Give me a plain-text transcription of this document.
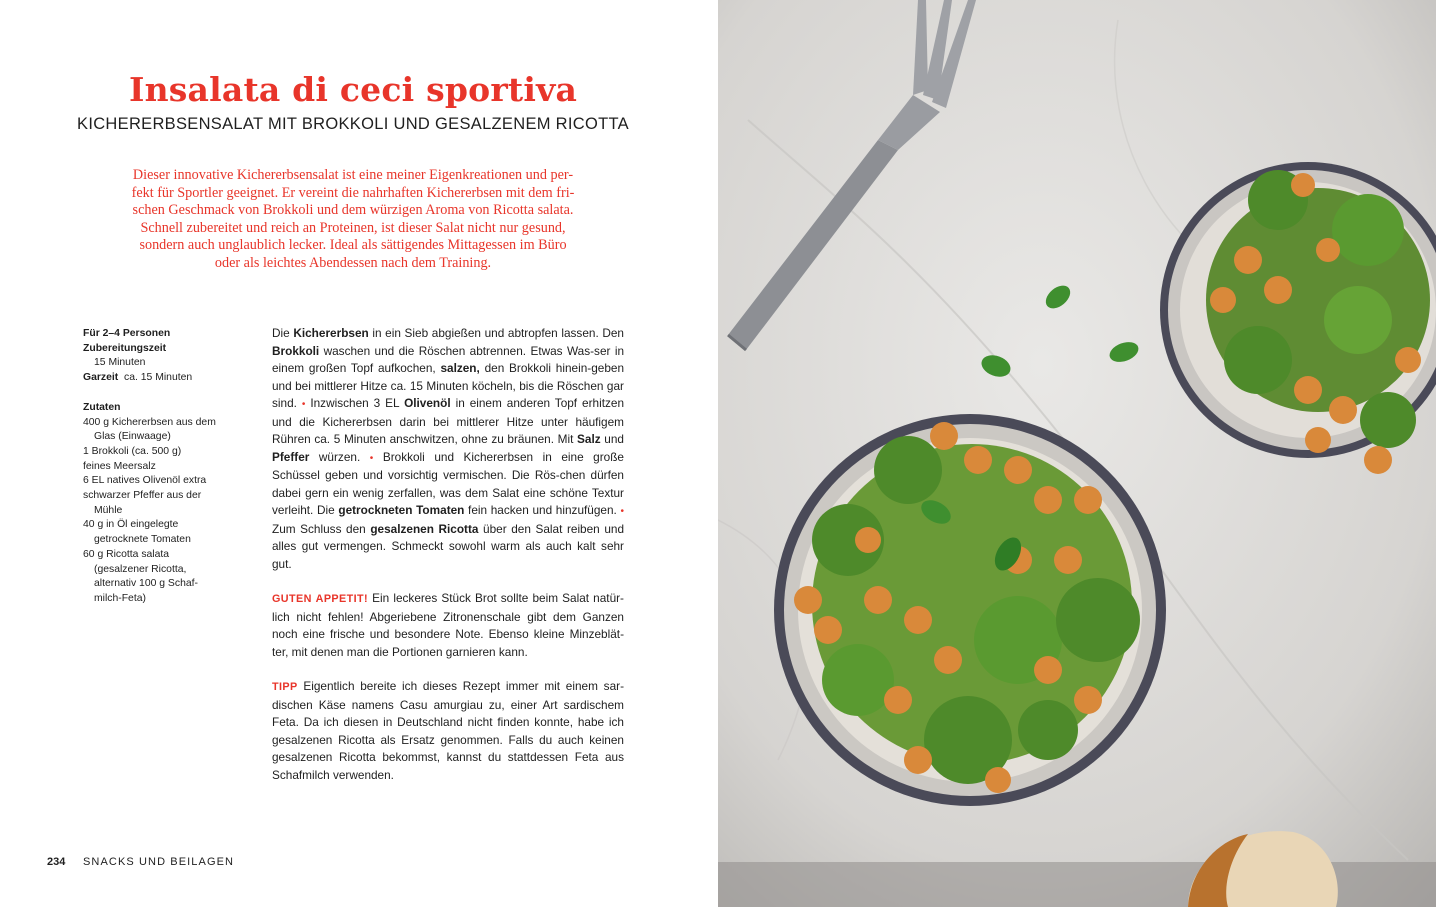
Insalata di ceci sportiva
KICHERERBSENSALAT MIT BROKKOLI UND GESALZENEM RICOTTA
Dieser innovative Kichererbsensalat ist eine meiner Eigenkreationen und per-
fekt für Sportler geeignet. Er vereint die nahrhaften Kichererbsen mit dem fri-
schen Geschmack von Brokkoli und dem würzigen Aroma von Ricotta salata.
Schnell zubereitet und reich an Proteinen, ist dieser Salat nicht nur gesund,
sondern auch unglaublich lecker. Ideal als sättigendes Mittagessen im Büro
oder als leichtes Abendessen nach dem Training.
Für 2–4 Personen
Zubereitungszeit
15 Minuten
Garzeit ca. 15 Minuten
Zutaten
400 g Kichererbsen aus dem
Glas (Einwaage)
1 Brokkoli (ca. 500 g)
feines Meersalz
6 EL natives Olivenöl extra
schwarzer Pfeffer aus der
Mühle
40 g in Öl eingelegte
getrocknete Tomaten
60 g Ricotta salata
(gesalzener Ricotta,
alternativ 100 g Schaf-
milch-Feta)

Die Kichererbsen in ein Sieb abgießen und abtropfen lassen. Den Brokkoli waschen und die Röschen abtrennen. Etwas Was-ser in einem großen Topf aufkochen, salzen, den Brokkoli hinein-geben und bei mittlerer Hitze ca. 15 Minuten köcheln, bis die Röschen gar sind. • Inzwischen 3 EL Olivenöl in einem anderen Topf erhitzen und die Kichererbsen darin bei mittlerer Hitze unter häufigem Rühren ca. 5 Minuten anschwitzen, ohne zu bräunen. Mit Salz und Pfeffer würzen. • Brokkoli und Kichererbsen in eine große Schüssel geben und vorsichtig vermischen. Die Rös-chen dürfen dabei gern ein wenig zerfallen, was dem Salat eine schöne Textur verleiht. Die getrockneten Tomaten fein hacken und hinzufügen. • Zum Schluss den gesalzenen Ricotta über den Salat reiben und alles gut vermengen. Schmeckt sowohl warm als auch kalt sehr gut.

GUTEN APPETIT! Ein leckeres Stück Brot sollte beim Salat natür-lich nicht fehlen! Abgeriebene Zitronenschale gibt dem Ganzen noch eine frische und besondere Note. Ebenso kleine Minzeblät-ter, mit denen man die Portionen garnieren kann.

TIPP Eigentlich bereite ich dieses Rezept immer mit einem sar-dischen Käse namens Casu amurgiau zu, einer Art sardischem Feta. Da ich diesen in Deutschland nicht finden konnte, habe ich gesalzenen Ricotta als Ersatz genommen. Falls du auch keinen gesalzenen Ricotta bekommst, kannst du stattdessen Feta aus Schafmilch verwenden.

234 SNACKS UND BEILAGEN
